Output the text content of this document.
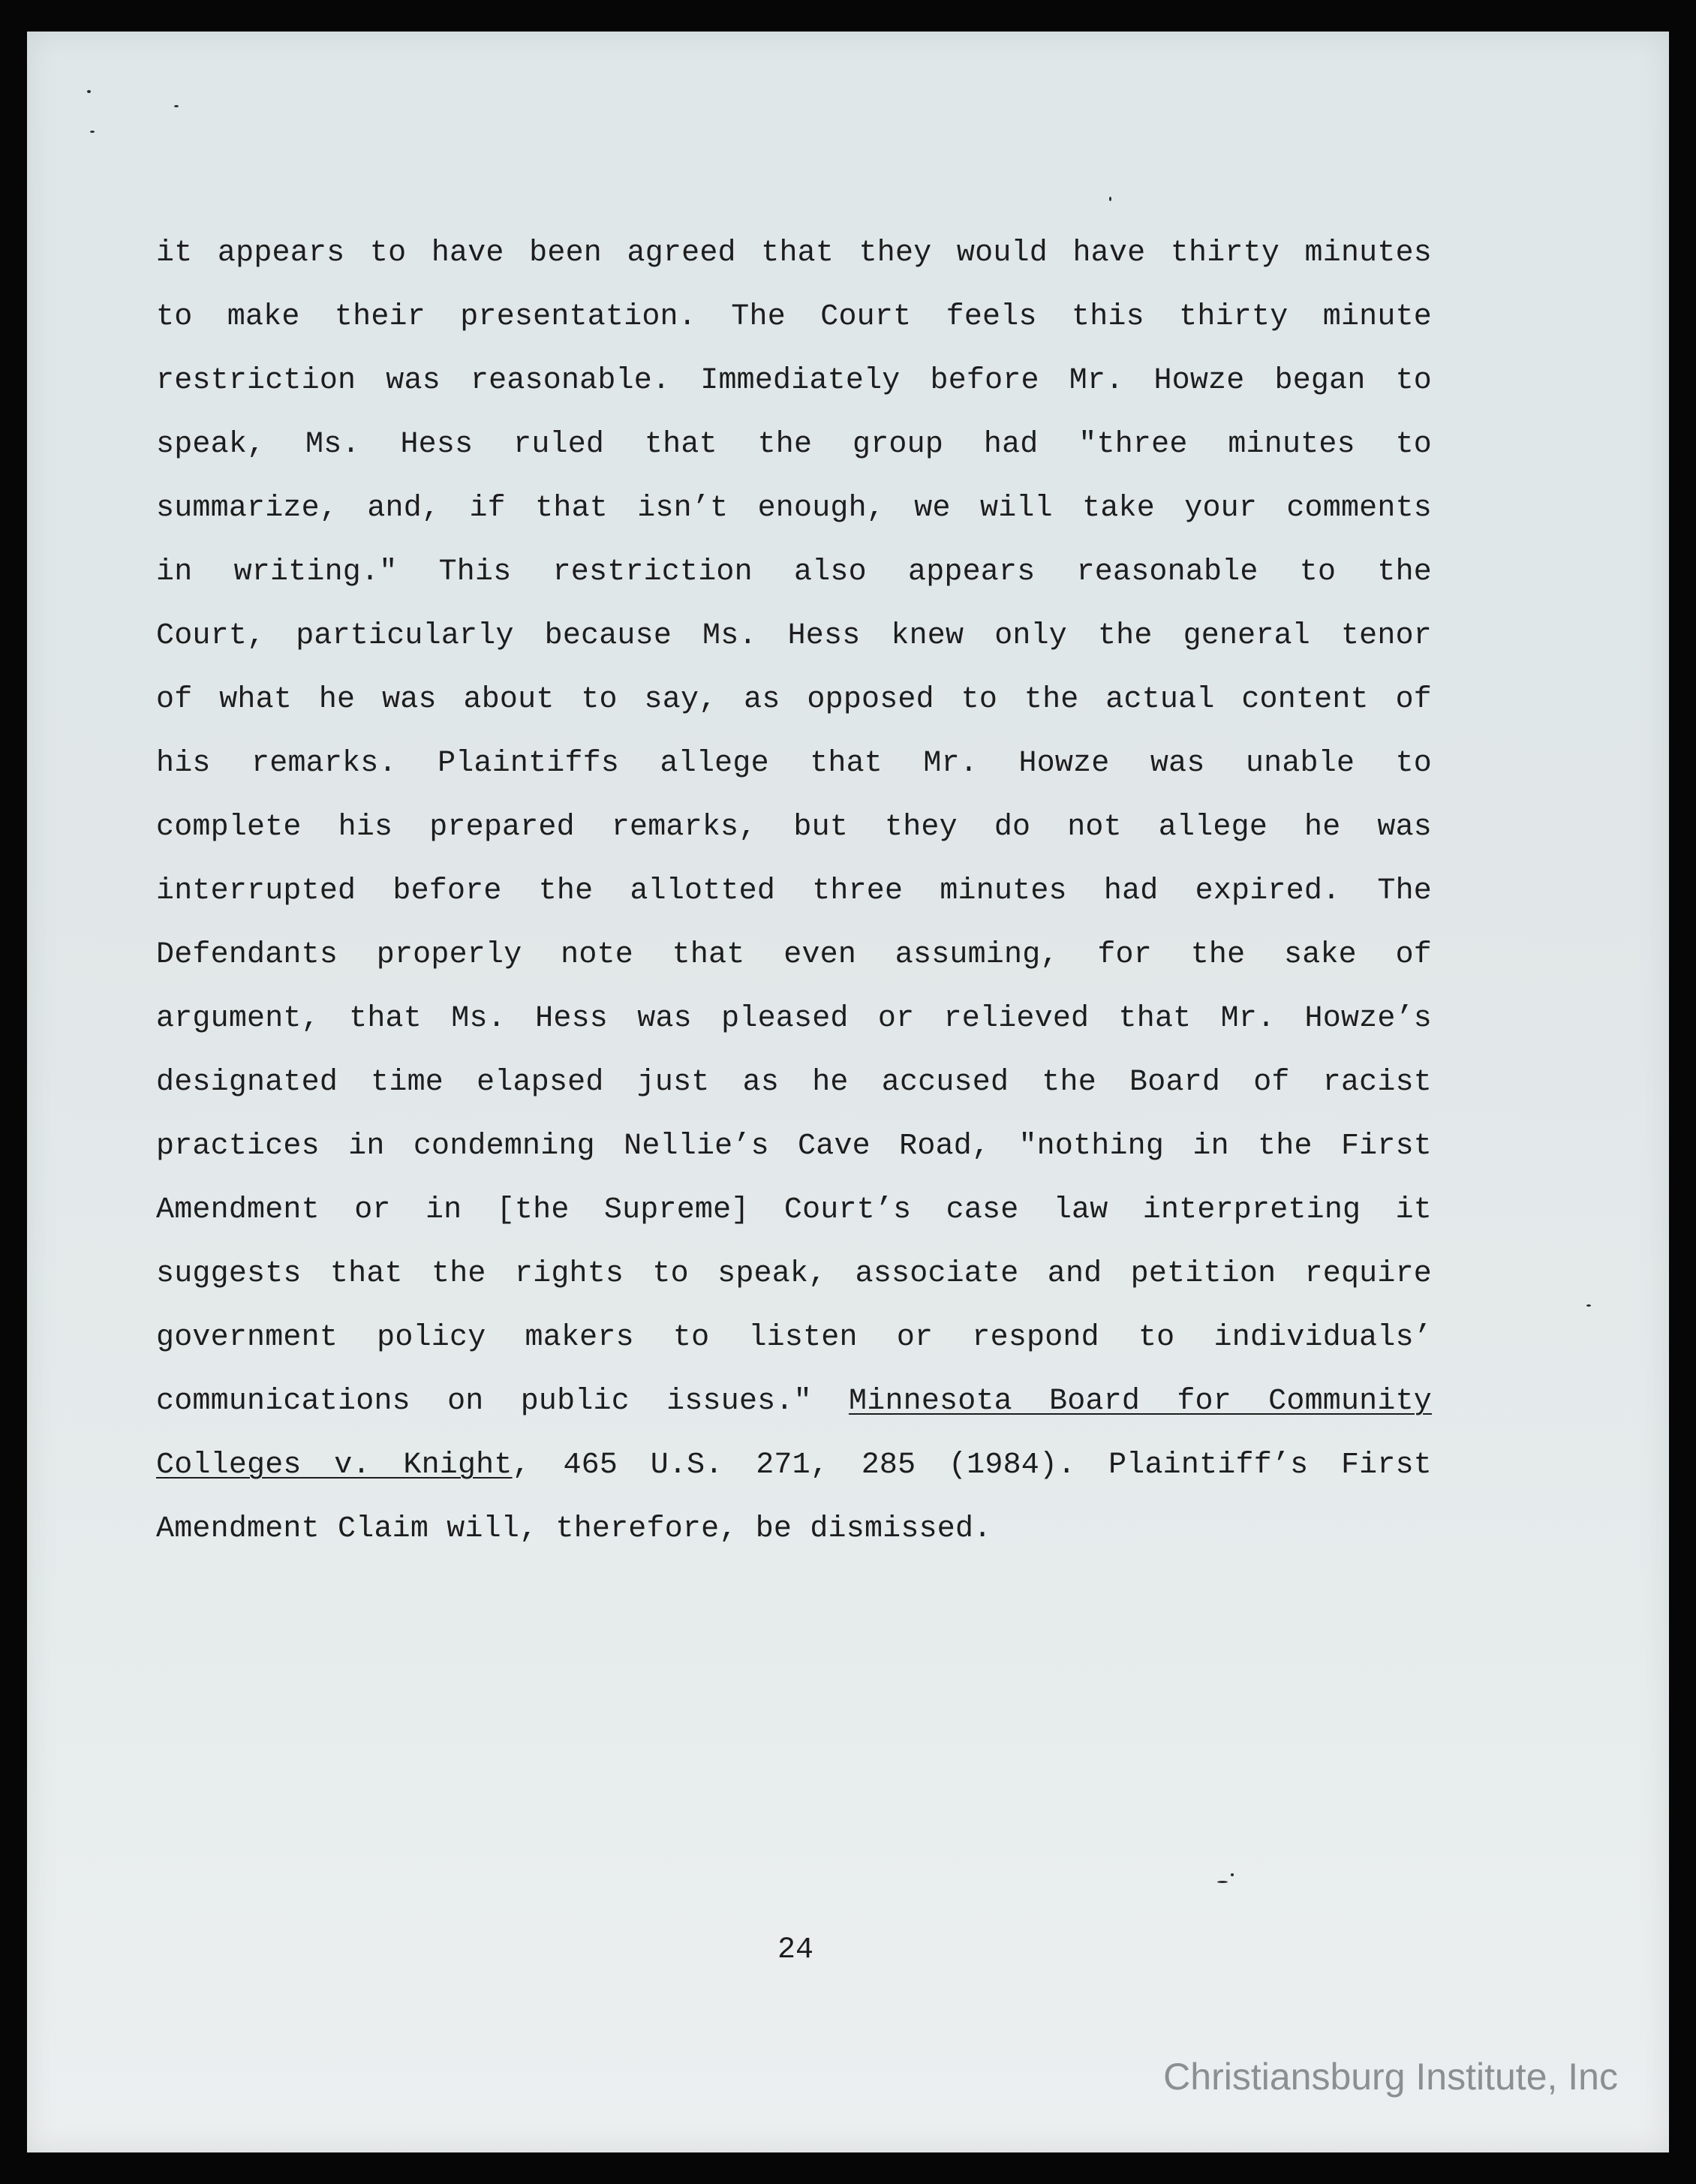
it appears to have been agreed that they would have thirty minutes
to make their presentation. The Court feels this thirty minute
restriction was reasonable. Immediately before Mr. Howze began to
speak, Ms. Hess ruled that the group had "three minutes to
summarize, and, if that isn’t enough, we will take your comments
in writing." This restriction also appears reasonable to the
Court, particularly because Ms. Hess knew only the general tenor
of what he was about to say, as opposed to the actual content of
his remarks. Plaintiffs allege that Mr. Howze was unable to
complete his prepared remarks, but they do not allege he was
interrupted before the allotted three minutes had expired. The
Defendants properly note that even assuming, for the sake of
argument, that Ms. Hess was pleased or relieved that Mr. Howze’s
designated time elapsed just as he accused the Board of racist
practices in condemning Nellie’s Cave Road, "nothing in the First
Amendment or in [the Supreme] Court’s case law interpreting it
suggests that the rights to speak, associate and petition require
government policy makers to listen or respond to individuals’
communications on public issues." Minnesota Board for Community
Colleges v. Knight, 465 U.S. 271, 285 (1984). Plaintiff’s First
Amendment Claim will, therefore, be dismissed.
24
Christiansburg Institute, Inc
